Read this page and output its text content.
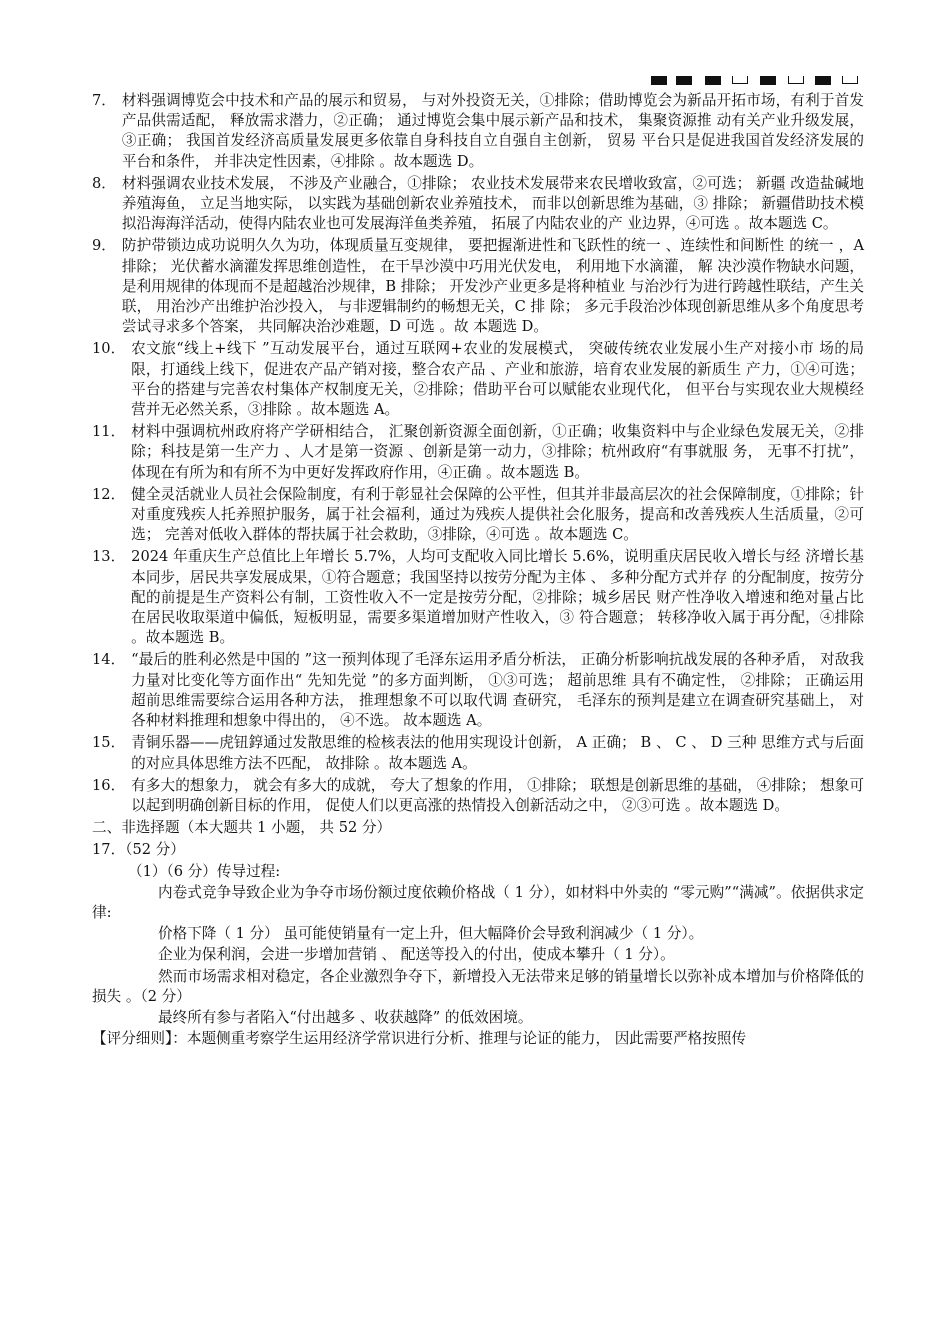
7． 材料强调博览会中技术和产品的展示和贸易， 与对外投资无关，①排除；借助博览会为新品开拓市场，有利于首发产品供需适配， 释放需求潜力，②正确； 通过博览会集中展示新产品和技术， 集聚资源推 动有关产业升级发展，③正确； 我国首发经济高质量发展更多依靠自身科技自立自强自主创新， 贸易 平台只是促进我国首发经济发展的平台和条件， 并非决定性因素，④排除 。故本题选 D。
8． 材料强调农业技术发展， 不涉及产业融合，①排除； 农业技术发展带来农民增收致富，②可选； 新疆 改造盐碱地养殖海鱼， 立足当地实际， 以实践为基础创新农业养殖技术， 而非以创新思维为基础，③ 排除； 新疆借助技术模拟沿海海洋活动，使得内陆农业也可发展海洋鱼类养殖， 拓展了内陆农业的产 业边界，④可选 。故本题选 C。
9． 防护带锁边成功说明久久为功，体现质量互变规律， 要把握渐进性和飞跃性的统一 、连续性和间断性 的统一 ，A 排除； 光伏蓄水滴灌发挥思维创造性， 在干旱沙漠中巧用光伏发电， 利用地下水滴灌， 解 决沙漠作物缺水问题， 是利用规律的体现而不是超越治沙规律，B 排除； 开发沙产业更多是将种植业 与治沙行为进行跨越性联结，产生关联， 用治沙产出维护治沙投入， 与非逻辑制约的畅想无关，C 排 除； 多元手段治沙体现创新思维从多个角度思考尝试寻求多个答案， 共同解决治沙难题，D 可选 。故 本题选 D。
10． 农文旅“线上+线下 ”互动发展平台，通过互联网+农业的发展模式， 突破传统农业发展小生产对接小市 场的局限，打通线上线下，促进农产品产销对接，整合农产品 、产业和旅游，培育农业发展的新质生 产力，①④可选；平台的搭建与完善农村集体产权制度无关，②排除；借助平台可以赋能农业现代化， 但平台与实现农业大规模经营并无必然关系，③排除 。故本题选 A。
11． 材料中强调杭州政府将产学研相结合， 汇聚创新资源全面创新，①正确；收集资料中与企业绿色发展无关，②排除；科技是第一生产力 、人才是第一资源 、创新是第一动力，③排除；杭州政府“有事就服 务， 无事不打扰”，体现在有所为和有所不为中更好发挥政府作用，④正确 。故本题选 B。
12． 健全灵活就业人员社会保险制度，有利于彰显社会保障的公平性，但其并非最高层次的社会保障制度，①排除；针对重度残疾人托养照护服务，属于社会福利，通过为残疾人提供社会化服务，提高和改善残疾人生活质量，②可选； 完善对低收入群体的帮扶属于社会救助，③排除，④可选 。故本题选 C。
13． 2024 年重庆生产总值比上年增长 5.7%，人均可支配收入同比增长 5.6%，说明重庆居民收入增长与经 济增长基本同步，居民共享发展成果，①符合题意；我国坚持以按劳分配为主体 、 多种分配方式并存 的分配制度，按劳分配的前提是生产资料公有制，工资性收入不一定是按劳分配，②排除；城乡居民 财产性净收入增速和绝对量占比在居民收取渠道中偏低，短板明显，需要多渠道增加财产性收入，③ 符合题意； 转移净收入属于再分配，④排除 。故本题选 B。
14． “最后的胜利必然是中国的 ”这一预判体现了毛泽东运用矛盾分析法， 正确分析影响抗战发展的各种矛盾， 对敌我力量对比变化等方面作出“ 先知先觉 ”的多方面判断， ①③可选； 超前思维 具有不确定性， ②排除； 正确运用超前思维需要综合运用各种方法， 推理想象不可以取代调 查研究， 毛泽东的预判是建立在调查研究基础上， 对各种材料推理和想象中得出的， ④不选。 故本题选 A。
15． 青铜乐器——虎钮錞通过发散思维的检核表法的他用实现设计创新， A 正确； B 、 C 、 D 三种 思维方式与后面的对应具体思维方法不匹配， 故排除 。故本题选 A。
16． 有多大的想象力， 就会有多大的成就， 夸大了想象的作用， ①排除； 联想是创新思维的基础， ④排除； 想象可以起到明确创新目标的作用， 促使人们以更高涨的热情投入创新活动之中， ②③可选 。故本题选 D。
二、非选择题（本大题共 1 小题， 共 52 分）
17．（52 分）
（1）（6 分）传导过程:
内卷式竞争导致企业为争夺市场份额过度依赖价格战（ 1 分），如材料中外卖的 “零元购”“满减”。依据供求定律:
价格下降（ 1 分） 虽可能使销量有一定上升，但大幅降价会导致利润减少（ 1 分）。
企业为保利润，会进一步增加营销 、 配送等投入的付出，使成本攀升（ 1 分）。
然而市场需求相对稳定，各企业激烈争夺下，新增投入无法带来足够的销量增长以弥补成本增加与价格降低的损失 。（2 分）
最终所有参与者陷入“付出越多 、收获越降” 的低效困境。
【评分细则】：本题侧重考察学生运用经济学常识进行分析、推理与论证的能力， 因此需要严格按照传
